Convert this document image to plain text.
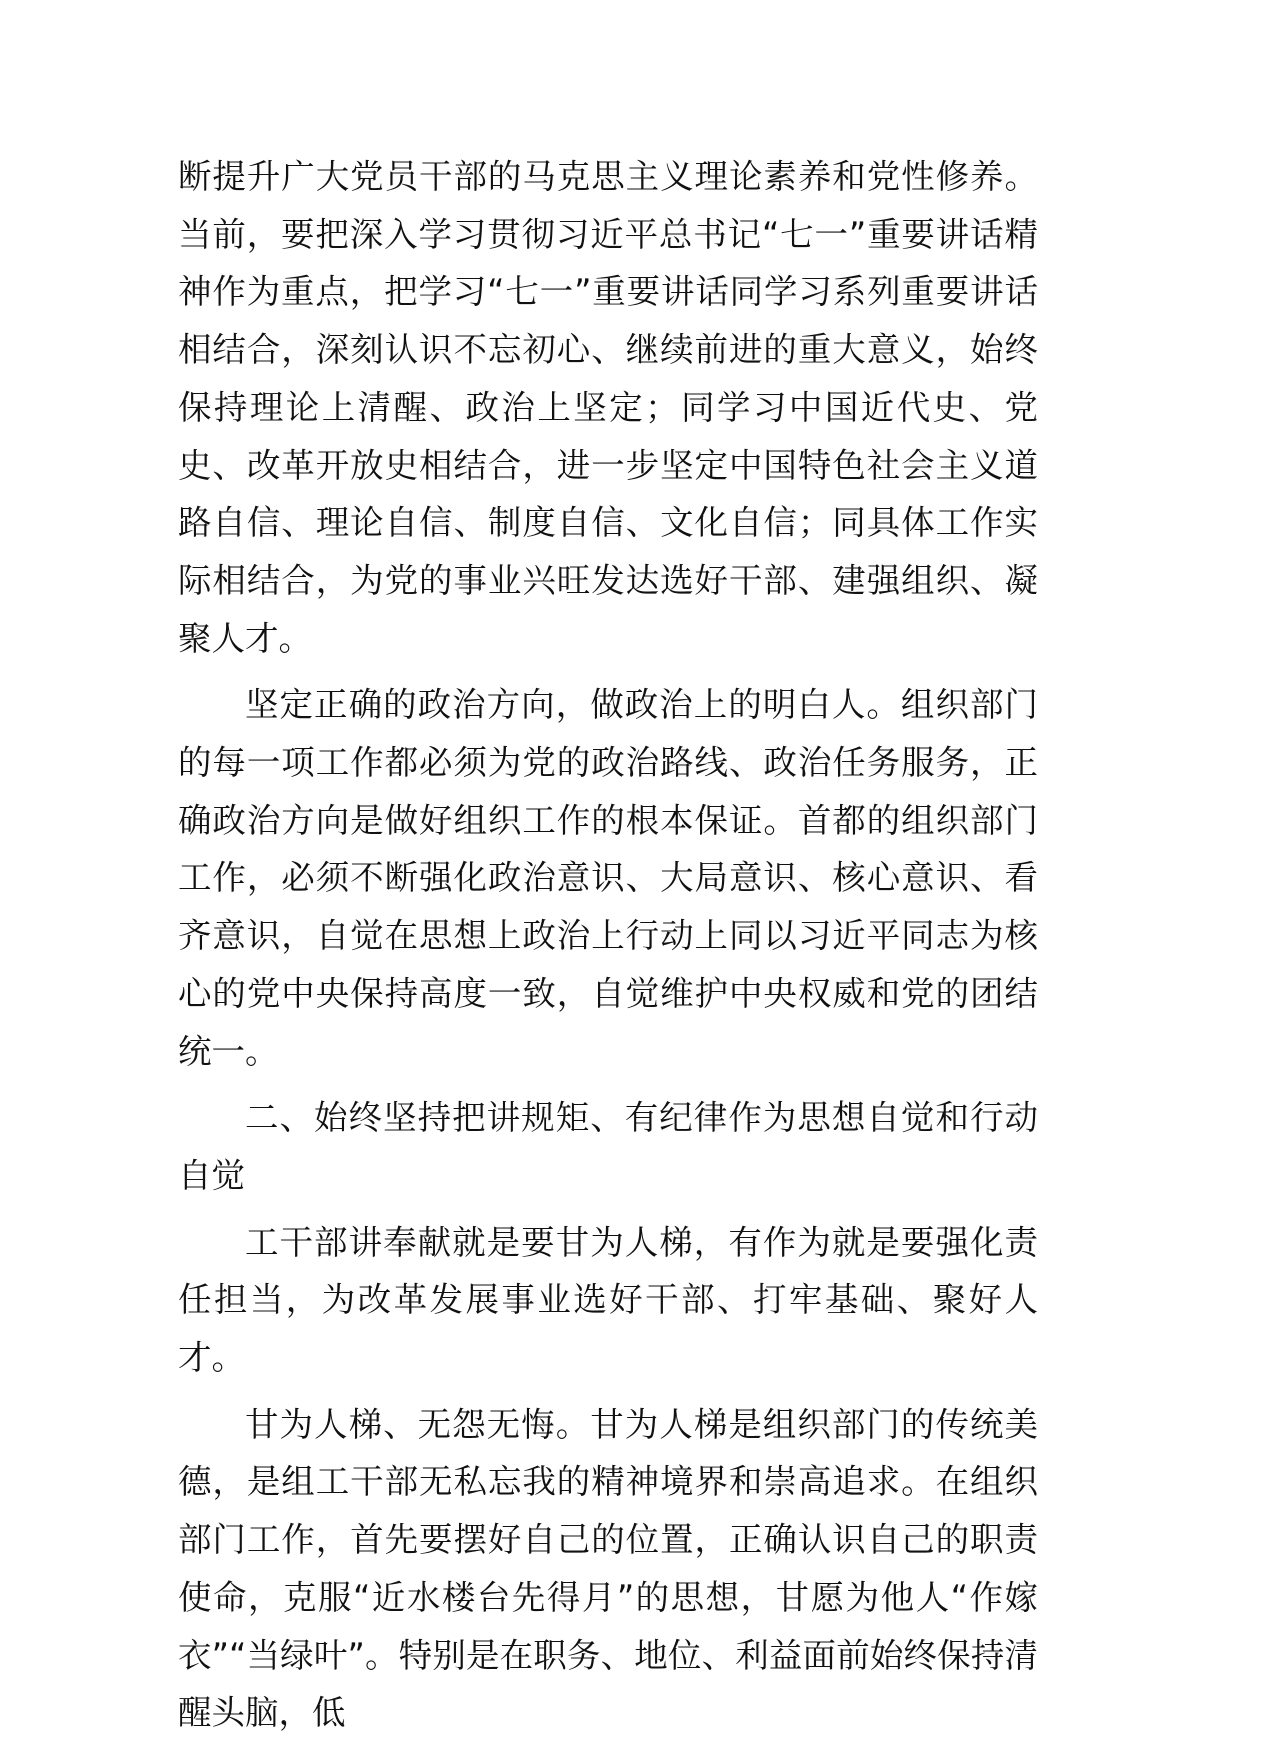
断提升广大党员干部的马克思主义理论素养和党性修养。当前，要把深入学习贯彻习近平总书记“七一”重要讲话精神作为重点，把学习“七一”重要讲话同学习系列重要讲话相结合，深刻认识不忘初心、继续前进的重大意义，始终保持理论上清醒、政治上坚定；同学习中国近代史、党史、改革开放史相结合，进一步坚定中国特色社会主义道路自信、理论自信、制度自信、文化自信；同具体工作实际相结合，为党的事业兴旺发达选好干部、建强组织、凝聚人才。

坚定正确的政治方向，做政治上的明白人。组织部门的每一项工作都必须为党的政治路线、政治任务服务，正确政治方向是做好组织工作的根本保证。首都的组织部门工作，必须不断强化政治意识、大局意识、核心意识、看齐意识，自觉在思想上政治上行动上同以习近平同志为核心的党中央保持高度一致，自觉维护中央权威和党的团结统一。

二、始终坚持把讲规矩、有纪律作为思想自觉和行动自觉

工干部讲奉献就是要甘为人梯，有作为就是要强化责任担当，为改革发展事业选好干部、打牢基础、聚好人才。

甘为人梯、无怨无悔。甘为人梯是组织部门的传统美德，是组工干部无私忘我的精神境界和崇高追求。在组织部门工作，首先要摆好自己的位置，正确认识自己的职责使命，克服“近水楼台先得月”的思想，甘愿为他人“作嫁衣”“当绿叶”。特别是在职务、地位、利益面前始终保持清醒头脑，低
